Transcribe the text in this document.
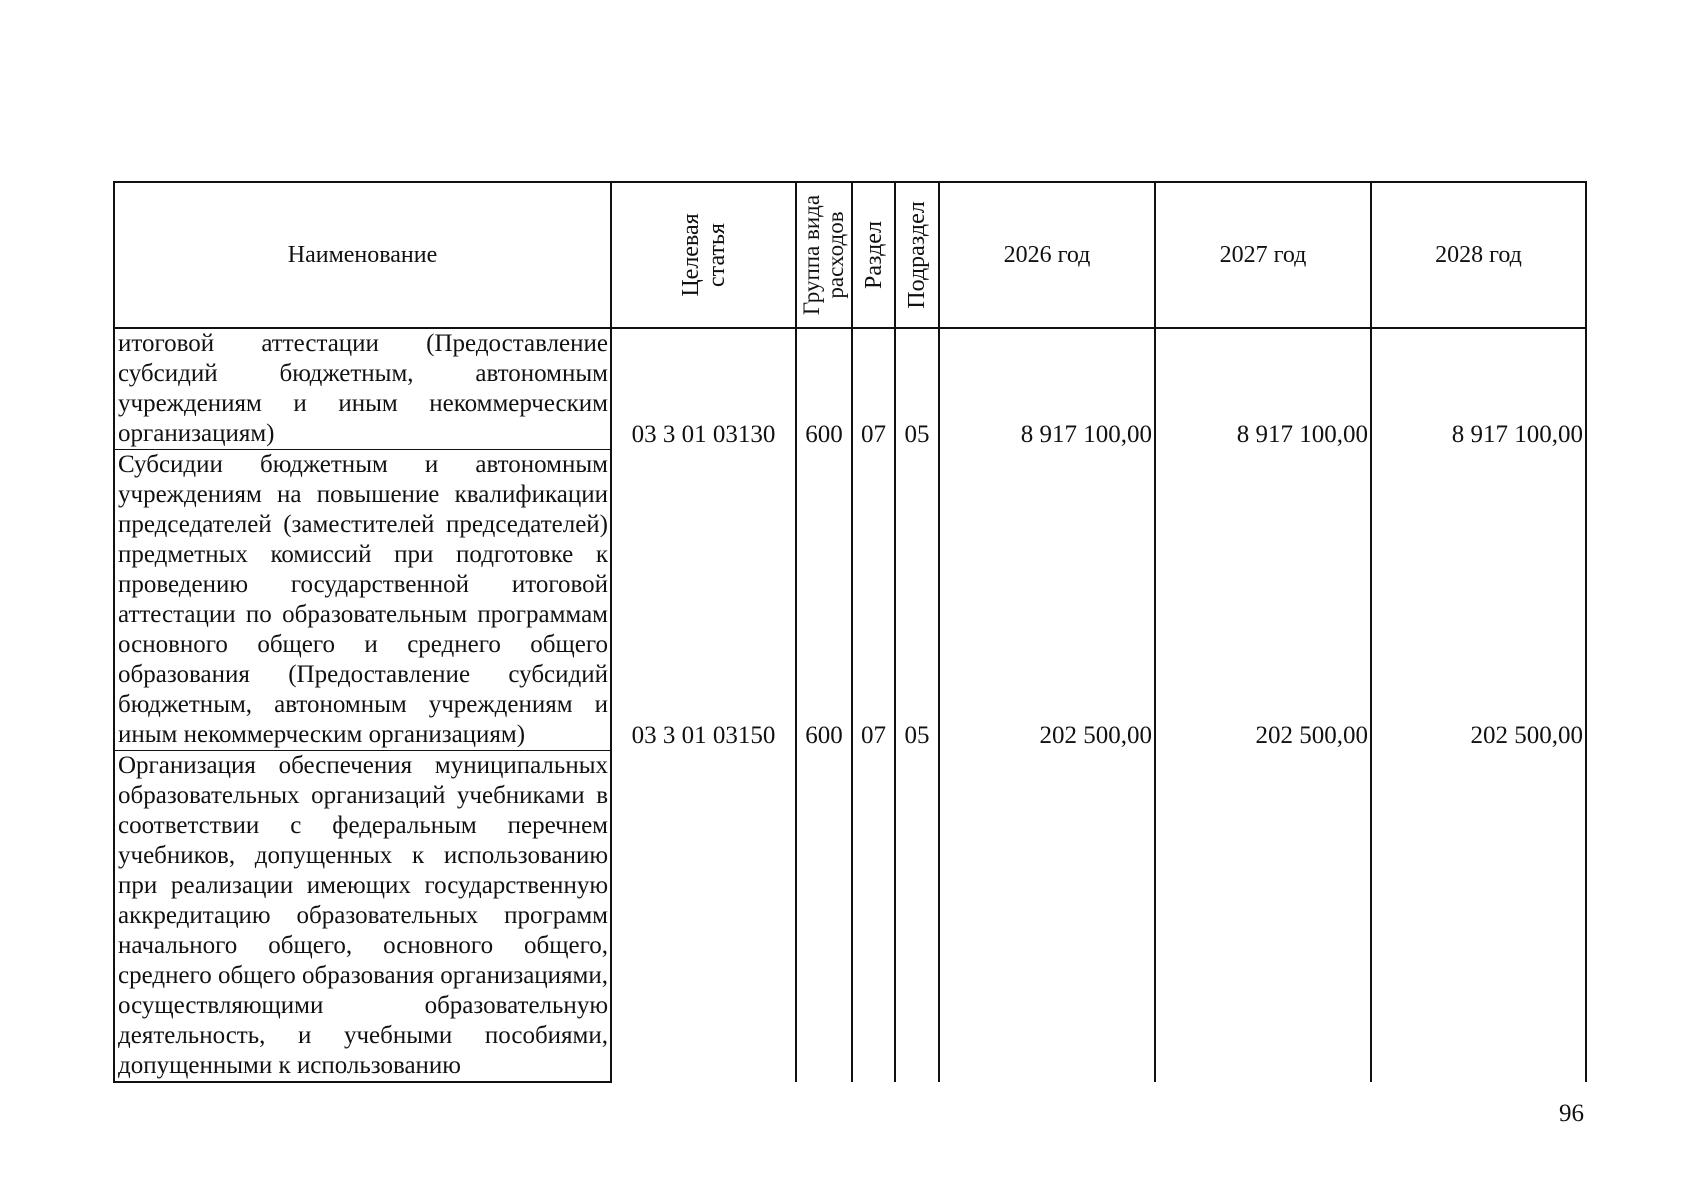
Наименование	Целевая статья	Группа вида расходов	Раздел	Подраздел	2026 год	2027 год	2028 год
итоговой аттестации (Предоставление субсидий бюджетным, автономным учреждениям и иным некоммерческим организациям)	03 3 01 03130	600	07	05	8 917 100,00	8 917 100,00	8 917 100,00
Субсидии бюджетным и автономным учреждениям на повышение квалификации председателей (заместителей председателей) предметных комиссий при подготовке к проведению государственной итоговой аттестации по образовательным программам основного общего и среднего общего образования (Предоставление субсидий бюджетным, автономным учреждениям и иным некоммерческим организациям)	03 3 01 03150	600	07	05	202 500,00	202 500,00	202 500,00
Организация обеспечения муниципальных образовательных организаций учебниками в соответствии с федеральным перечнем учебников, допущенных к использованию при реализации имеющих государственную аккредитацию образовательных программ начального общего, основного общего, среднего общего образования организациями, осуществляющими образовательную деятельность, и учебными пособиями, допущенными к использованию							
96
